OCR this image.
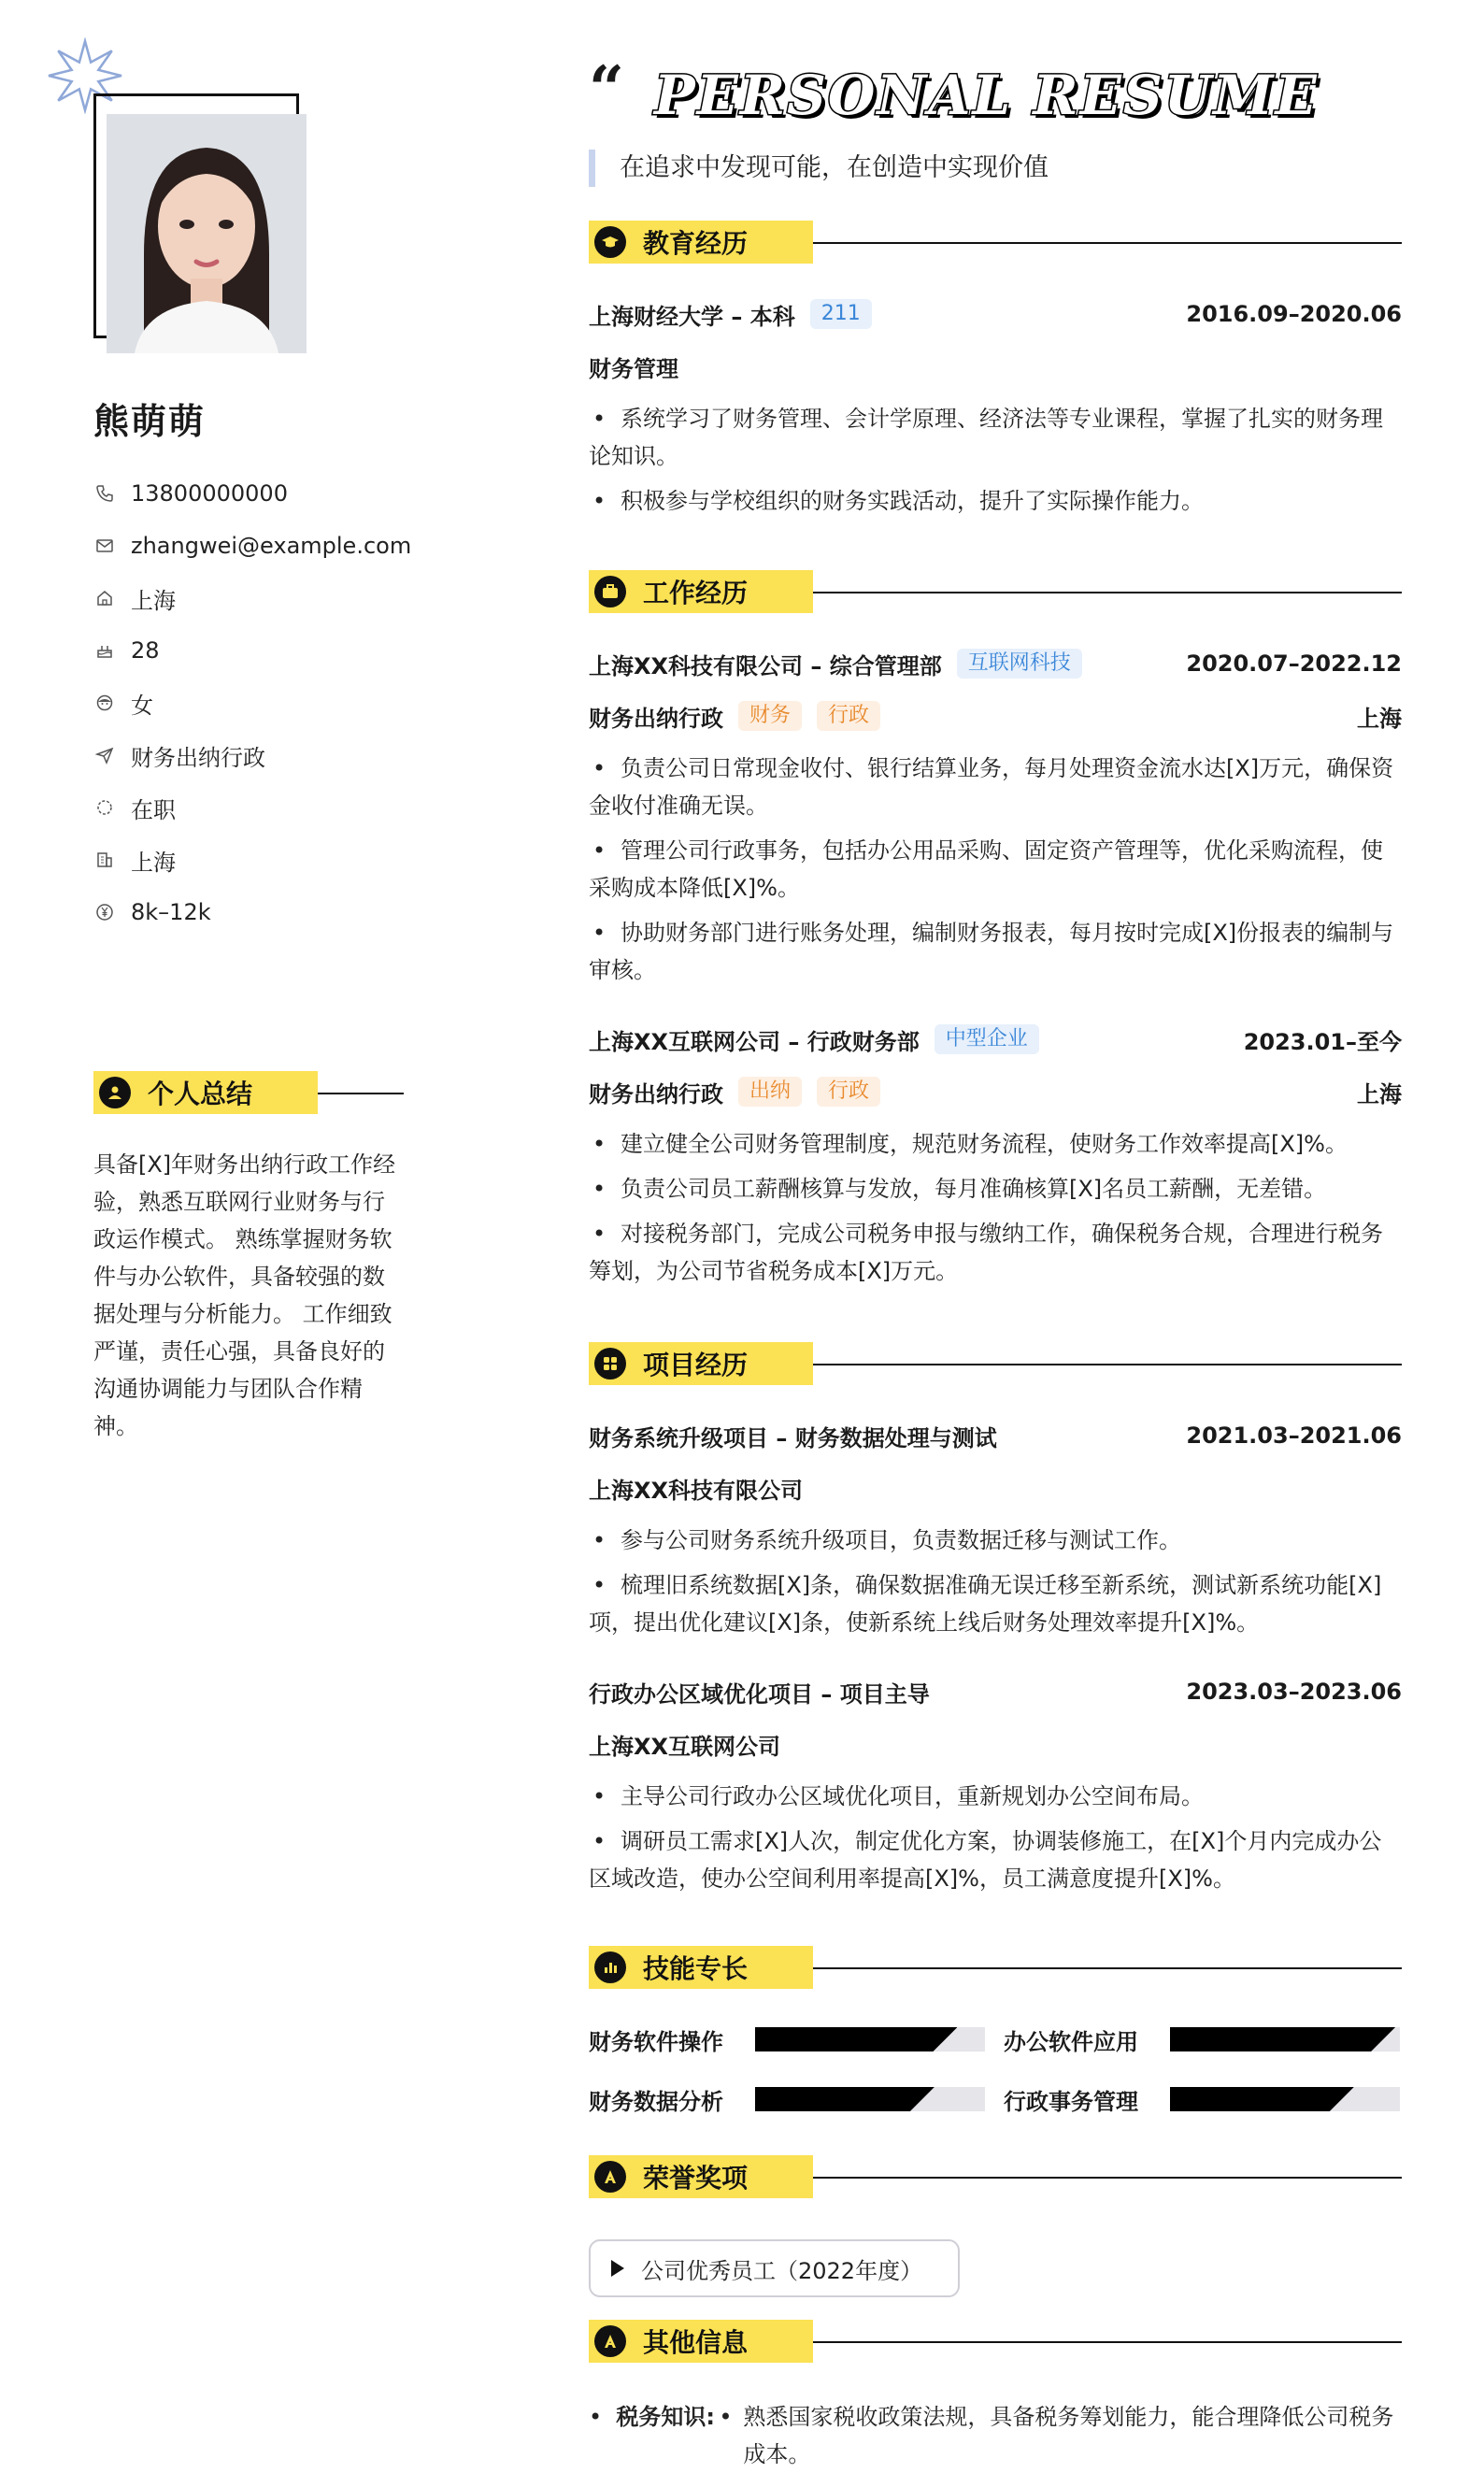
熊萌萌
13800000000
zhangwei@example.com
上海
28
女
财务出纳行政
在职
上海
8k–12k
个人总结
具备[X]年财务出纳行政工作经验，熟悉互联网行业财务与行政运作模式。 熟练掌握财务软件与办公软件，具备较强的数据处理与分析能力。 工作细致严谨，责任心强，具备良好的沟通协调能力与团队合作精神。
“ PERSONAL RESUME
在追求中发现可能，在创造中实现价值
教育经历
上海财经大学 – 本科	211	2016.09–2020.06
财务管理
• 系统学习了财务管理、会计学原理、经济法等专业课程，掌握了扎实的财务理论知识。
• 积极参与学校组织的财务实践活动，提升了实际操作能力。
工作经历
上海XX科技有限公司 – 综合管理部	互联网科技	2020.07–2022.12
财务出纳行政	财务	行政	上海
• 负责公司日常现金收付、银行结算业务，每月处理资金流水达[X]万元，确保资金收付准确无误。
• 管理公司行政事务，包括办公用品采购、固定资产管理等，优化采购流程，使采购成本降低[X]%。
• 协助财务部门进行账务处理，编制财务报表，每月按时完成[X]份报表的编制与审核。
上海XX互联网公司 – 行政财务部	中型企业	2023.01–至今
财务出纳行政	出纳	行政	上海
• 建立健全公司财务管理制度，规范财务流程，使财务工作效率提高[X]%。
• 负责公司员工薪酬核算与发放，每月准确核算[X]名员工薪酬，无差错。
• 对接税务部门，完成公司税务申报与缴纳工作，确保税务合规，合理进行税务筹划，为公司节省税务成本[X]万元。
项目经历
财务系统升级项目 – 财务数据处理与测试	2021.03–2021.06
上海XX科技有限公司
• 参与公司财务系统升级项目，负责数据迁移与测试工作。
• 梳理旧系统数据[X]条，确保数据准确无误迁移至新系统，测试新系统功能[X]项，提出优化建议[X]条，使新系统上线后财务处理效率提升[X]%。
行政办公区域优化项目 – 项目主导	2023.03–2023.06
上海XX互联网公司
• 主导公司行政办公区域优化项目，重新规划办公空间布局。
• 调研员工需求[X]人次，制定优化方案，协调装修施工，在[X]个月内完成办公区域改造，使办公空间利用率提高[X]%，员工满意度提升[X]%。
技能专长
财务软件操作	办公软件应用
财务数据分析	行政事务管理
荣誉奖项
公司优秀员工（2022年度）
其他信息
• 税务知识: • 熟悉国家税收政策法规，具备税务筹划能力，能合理降低公司税务成本。
